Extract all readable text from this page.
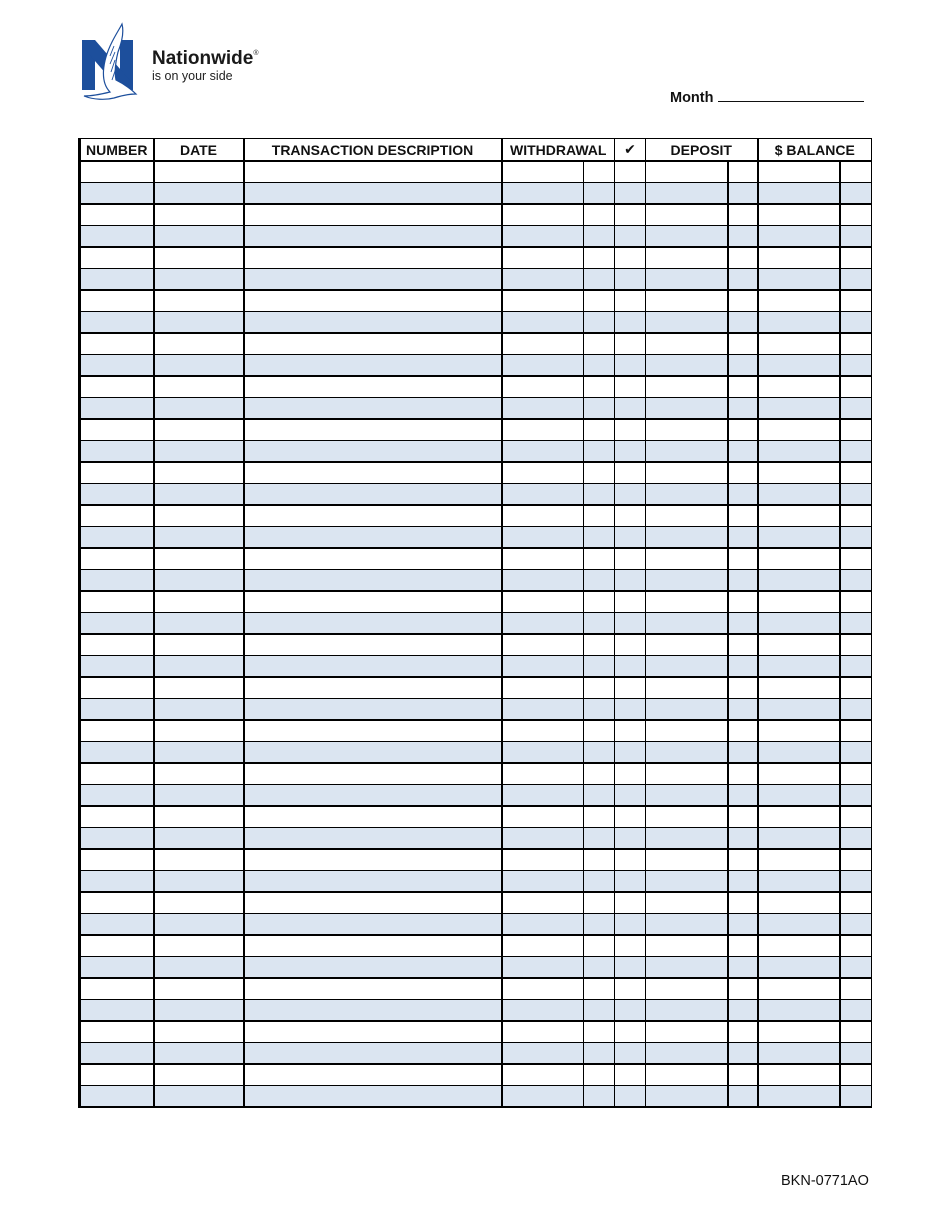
Nationwide®
is on your side
Month
NUMBER	DATE	TRANSACTION DESCRIPTION	WITHDRAWAL		✔	DEPOSIT		$ BALANCE	

BKN-0771AO
